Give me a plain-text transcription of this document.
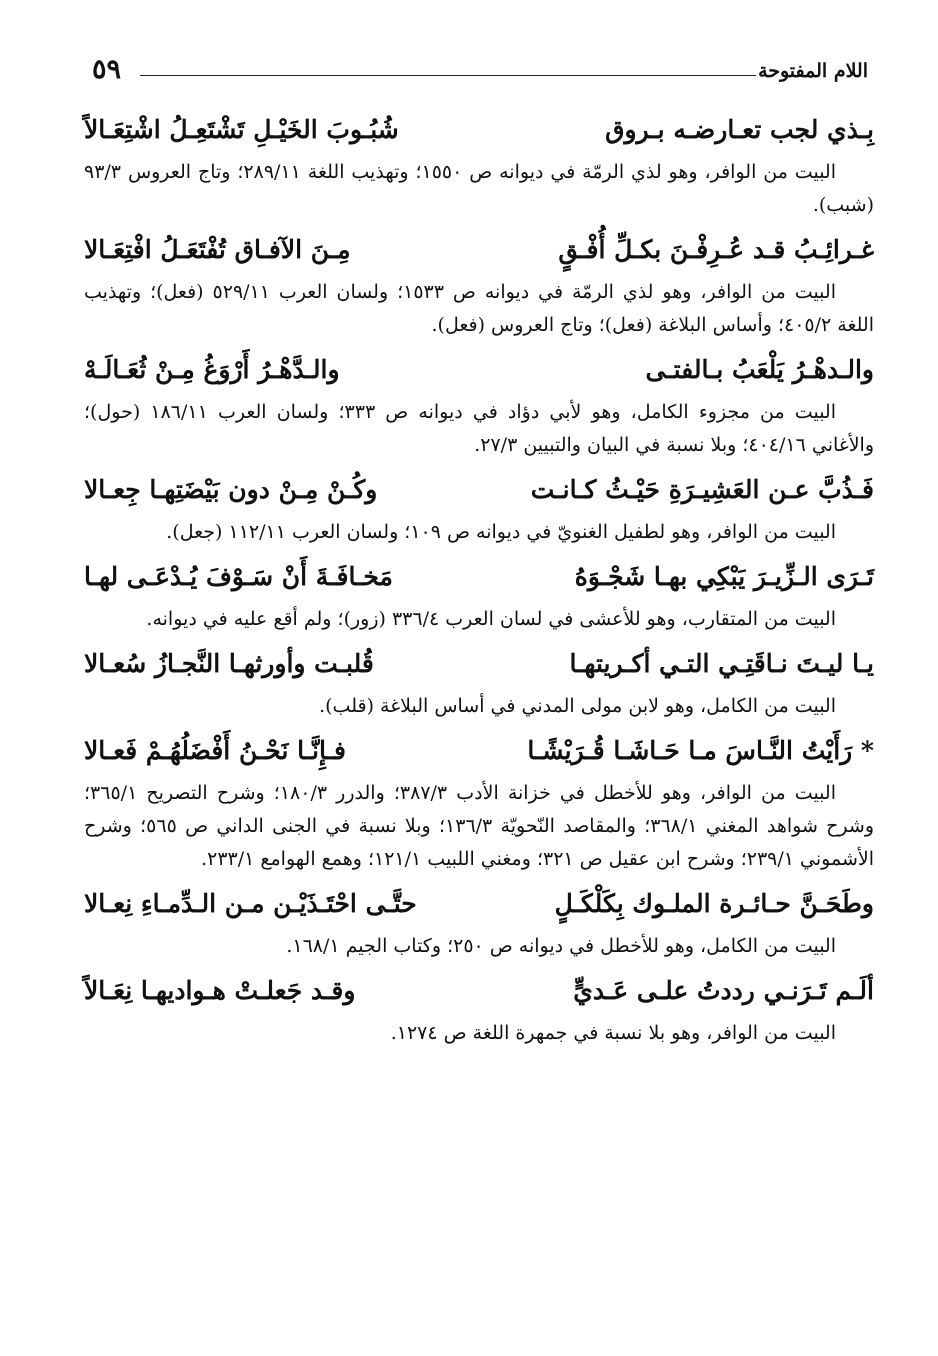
اللام المفتوحة
٥٩
بِـذي لجب تعـارضـه بـروق
شُبُـوبَ الخَيْـلِ تَشْتَعِـلُ اشْتِعَـالاً
البيت من الوافر، وهو لذي الرمّة في ديوانه ص ١٥٥٠؛ وتهذيب اللغة ٢٨٩/١١؛ وتاج العروس ٩٣/٣ (شبب).
غـرائِـبُ قـد عُـرِفْـنَ بكـلِّ أُفْـقٍ
مِـنَ الآفـاق تُفْتَعَـلُ افْتِعَـالا
البيت من الوافر، وهو لذي الرمّة في ديوانه ص ١٥٣٣؛ ولسان العرب ٥٢٩/١١ (فعل)؛ وتهذيب اللغة ٤٠٥/٢؛ وأساس البلاغة (فعل)؛ وتاج العروس (فعل).
والـدهْـرُ يَلْعَبُ بـالفتـى
والـدَّهْـرُ أَرْوَغُ مِـنْ ثُعَـالَـهْ
البيت من مجزوء الكامل، وهو لأبي دؤاد في ديوانه ص ٣٣٣؛ ولسان العرب ١٨٦/١١ (حول)؛ والأغاني ٤٠٤/١٦؛ وبلا نسبة في البيان والتبيين ٢٧/٣.
فَـذُبَّ عـن العَشِيـرَةِ حَيْـثُ كـانـت
وكُـنْ مِـنْ دون بَيْضَتِهـا جِعـالا
البيت من الوافر، وهو لطفيل الغنويّ في ديوانه ص ١٠٩؛ ولسان العرب ١١٢/١١ (جعل).
تَـرَى الـزِّيـرَ يَبْكِي بهـا شَجْـوَهُ
مَخـافَـةَ أَنْ سَـوْفَ يُـدْعَـى لهـا
البيت من المتقارب، وهو للأعشى في لسان العرب ٣٣٦/٤ (زور)؛ ولم أقع عليه في ديوانه.
يـا ليـتَ نـاقَتِـي التـي أكـريتهـا
قُلبـت وأورثهـا النَّجـازُ سُعـالا
البيت من الكامل، وهو لابن مولى المدني في أساس البلاغة (قلب).
* رَأَيْتُ النَّـاسَ مـا حَـاشَـا قُـرَيْشًـا
فـإِنَّـا نَحْـنُ أَفْضَلُهُـمْ فَعـالا
البيت من الوافر، وهو للأخطل في خزانة الأدب ٣٨٧/٣؛ والدرر ١٨٠/٣؛ وشرح التصريح ٣٦٥/١؛ وشرح شواهد المغني ٣٦٨/١؛ والمقاصد النّحويّة ١٣٦/٣؛ وبلا نسبة في الجنى الداني ص ٥٦٥؛ وشرح الأشموني ٢٣٩/١؛ وشرح ابن عقيل ص ٣٢١؛ ومغني اللبيب ١٢١/١؛ وهمع الهوامع ٢٣٣/١.
وطَحَـنَّ حـائـرة الملـوك بِكَلْكَـلٍ
حتَّـى احْتَـذَيْـن مـن الـدِّمـاءِ نِعـالا
البيت من الكامل، وهو للأخطل في ديوانه ص ٢٥٠؛ وكتاب الجيم ١٦٨/١.
ألَـم تَـرَنـي رددتُ علـى عَـديٍّ
وقـد جَعلـتْ هـواديهـا نِعَـالاً
البيت من الوافر، وهو بلا نسبة في جمهرة اللغة ص ١٢٧٤.
